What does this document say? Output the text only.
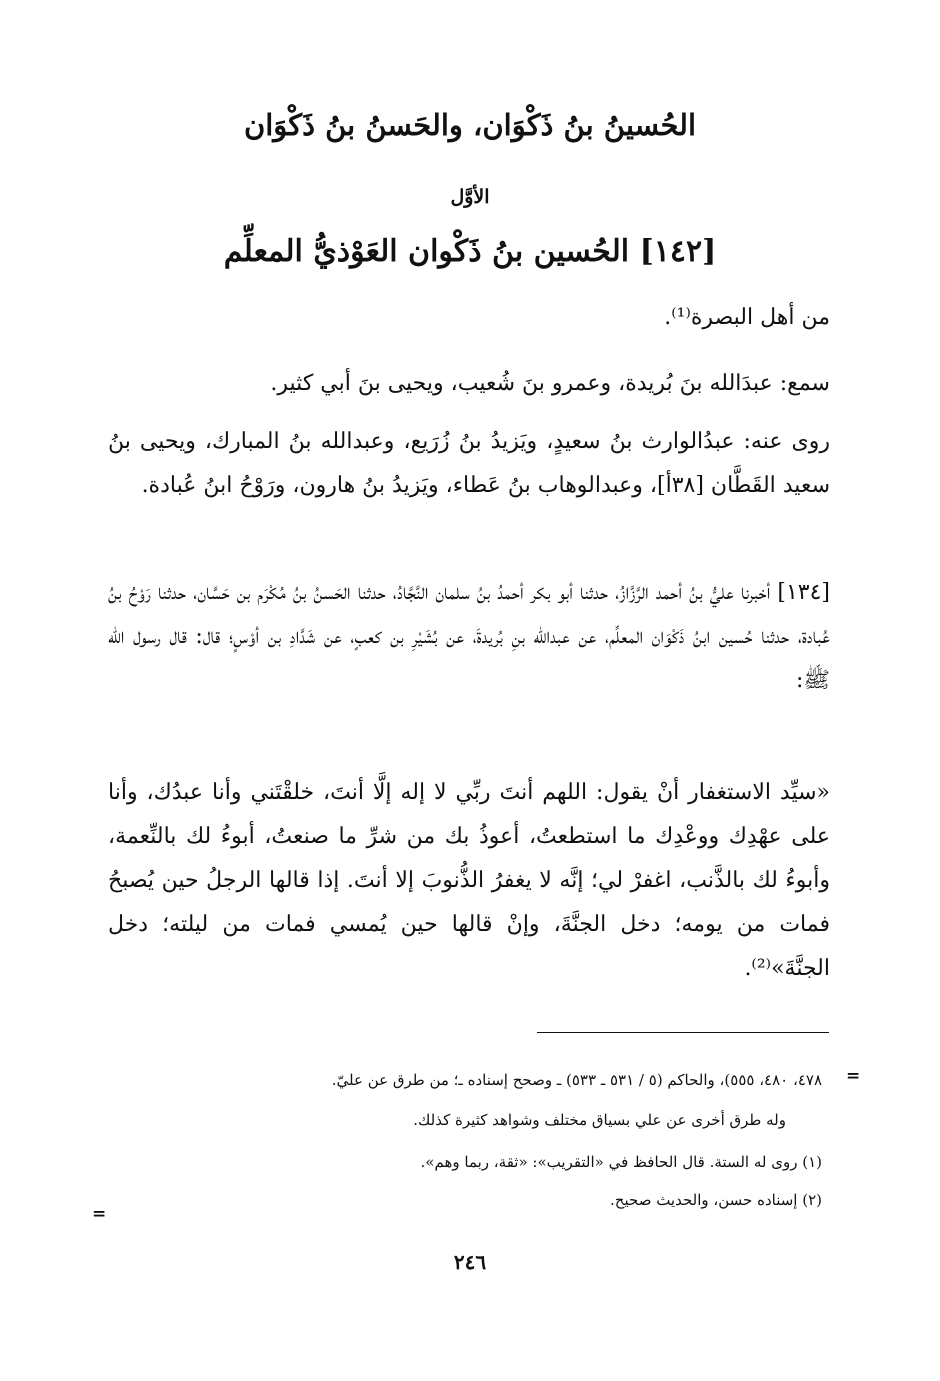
الحُسينُ بنُ ذَكْوَان، والحَسنُ بنُ ذَكْوَان
الأوَّل
[١٤٢] الحُسين بنُ ذَكْوان العَوْذيُّ المعلِّم
من أهل البصرة⁽¹⁾.
سمع: عبدَالله بنَ بُريدة، وعمرو بنَ شُعيب، ويحيى بنَ أبي كثير.
روى عنه: عبدُالوارث بنُ سعيدٍ، ويَزيدُ بنُ زُرَيع، وعبدالله بنُ المبارك، ويحيى بنُ سعيد القَطَّان [٣٨أ]، وعبدالوهاب بنُ عَطاء، ويَزيدُ بنُ هارون، ورَوْحُ ابنُ عُبادة.
[١٣٤] أخبرنا عليُّ بنُ أحمد الرَّزَّازُ، حدثنا أبو بكر أحمدُ بنُ سلمان النَّجَّادُ، حدثنا الحَسنُ بنُ مُكْرَم بن حَسَّان، حدثنا رَوْحُ بنُ عُبادة، حدثنا حُسين ابنُ ذَكْوَان المعلِّم، عن عبدالله بنِ بُريدةَ، عن بُشَيْرِ بن كعبٍ، عن شَدَّادِ بن أوْسٍ؛ قال: قال رسول الله ﷺ:
«سيِّد الاستغفار أنْ يقول: اللهم أنتَ ربِّي لا إله إلَّا أنتَ، خلقْتَني وأنا عبدُك، وأنا على عهْدِك ووعْدِك ما استطعتُ، أعوذُ بك من شرِّ ما صنعتُ، أبوءُ لك بالنِّعمة، وأبوءُ لك بالذَّنب، اغفرْ لي؛ إنَّه لا يغفرُ الذُّنوبَ إلا أنتَ. إذا قالها الرجلُ حين يُصبحُ فمات من يومه؛ دخل الجنَّةَ، وإنْ قالها حين يُمسي فمات من ليلته؛ دخل الجنَّةَ»⁽²⁾.
=
٤٧٨، ٤٨٠، ٥٥٥)، والحاكم (٥ / ٥٣١ ـ ٥٣٣) ـ وصحح إسناده ـ؛ من طرق عن عليّ.
وله طرق أخرى عن علي بسياق مختلف وشواهد كثيرة كذلك.
(١) روى له الستة. قال الحافظ في «التقريب»: «ثقة، ربما وهم».
(٢) إسناده حسن، والحديث صحيح.
=
٢٤٦
